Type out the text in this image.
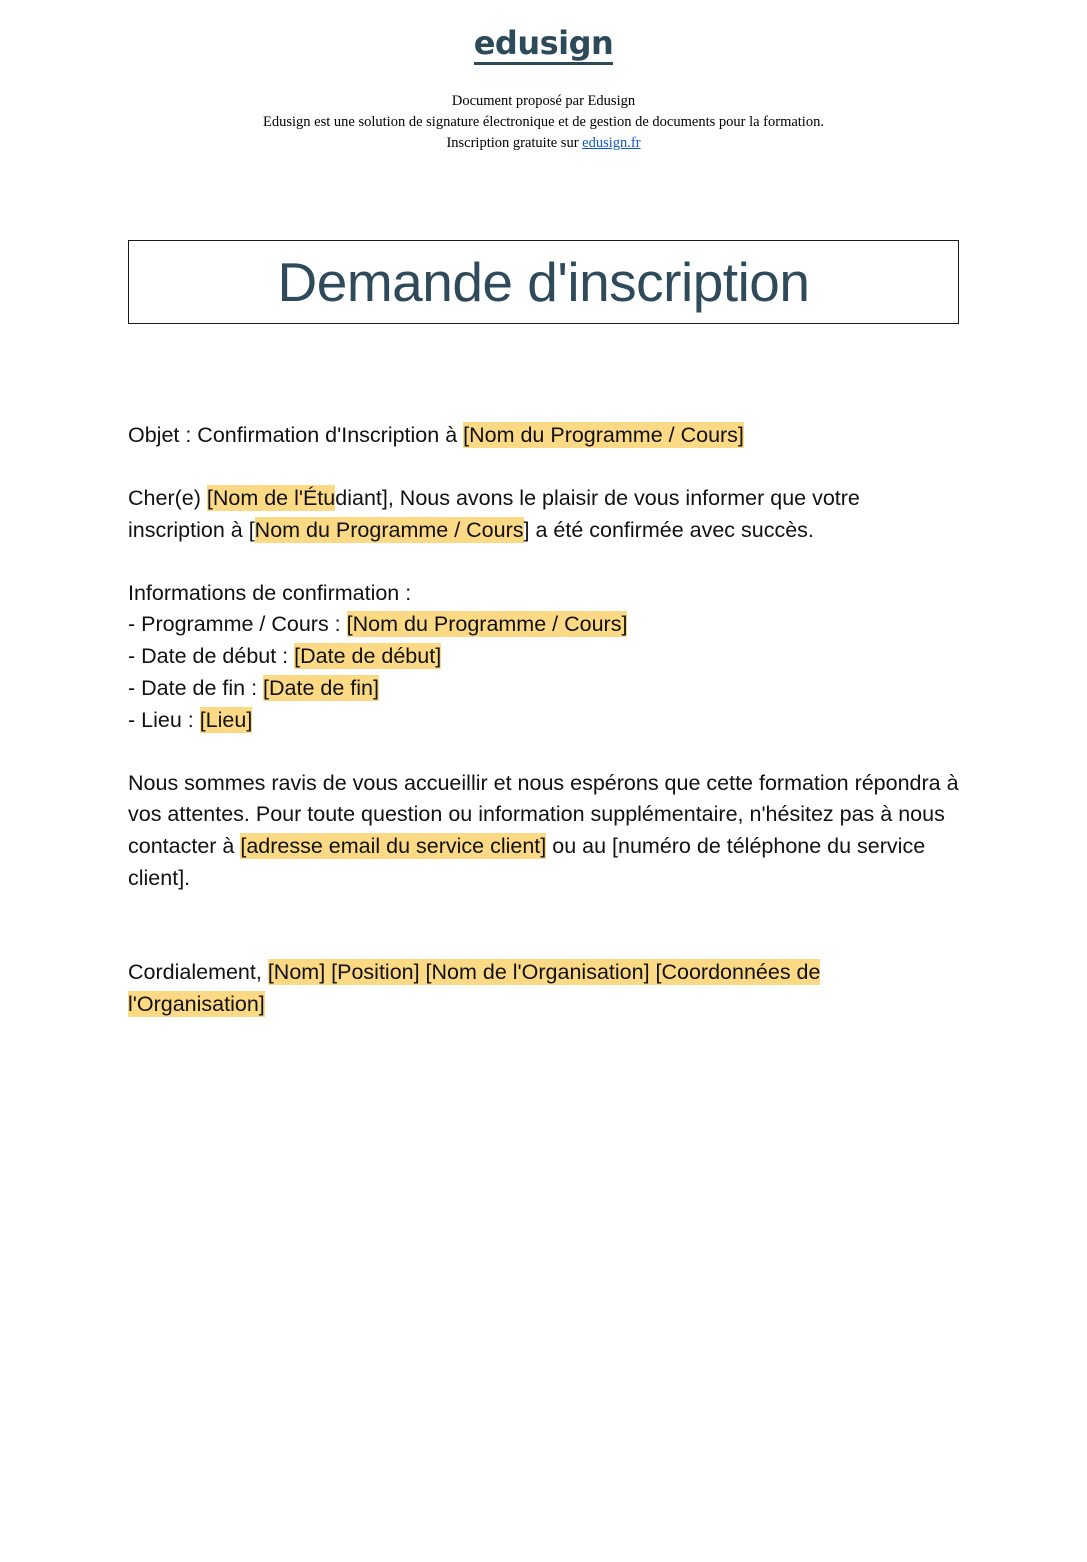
edusign
Document proposé par Edusign
Edusign est une solution de signature électronique et de gestion de documents pour la formation.
Inscription gratuite sur edusign.fr
Demande d'inscription

Objet : Confirmation d'Inscription à [Nom du Programme / Cours]

Cher(e) [Nom de l'Étudiant], Nous avons le plaisir de vous informer que votre inscription à [Nom du Programme / Cours] a été confirmée avec succès.

Informations de confirmation :

- Programme / Cours : [Nom du Programme / Cours]

- Date de début : [Date de début]

- Date de fin : [Date de fin]

- Lieu : [Lieu]

Nous sommes ravis de vous accueillir et nous espérons que cette formation répondra à vos attentes. Pour toute question ou information supplémentaire, n'hésitez pas à nous contacter à [adresse email du service client] ou au [numéro de téléphone du service client].

Cordialement, [Nom] [Position] [Nom de l'Organisation] [Coordonnées de l'Organisation]
